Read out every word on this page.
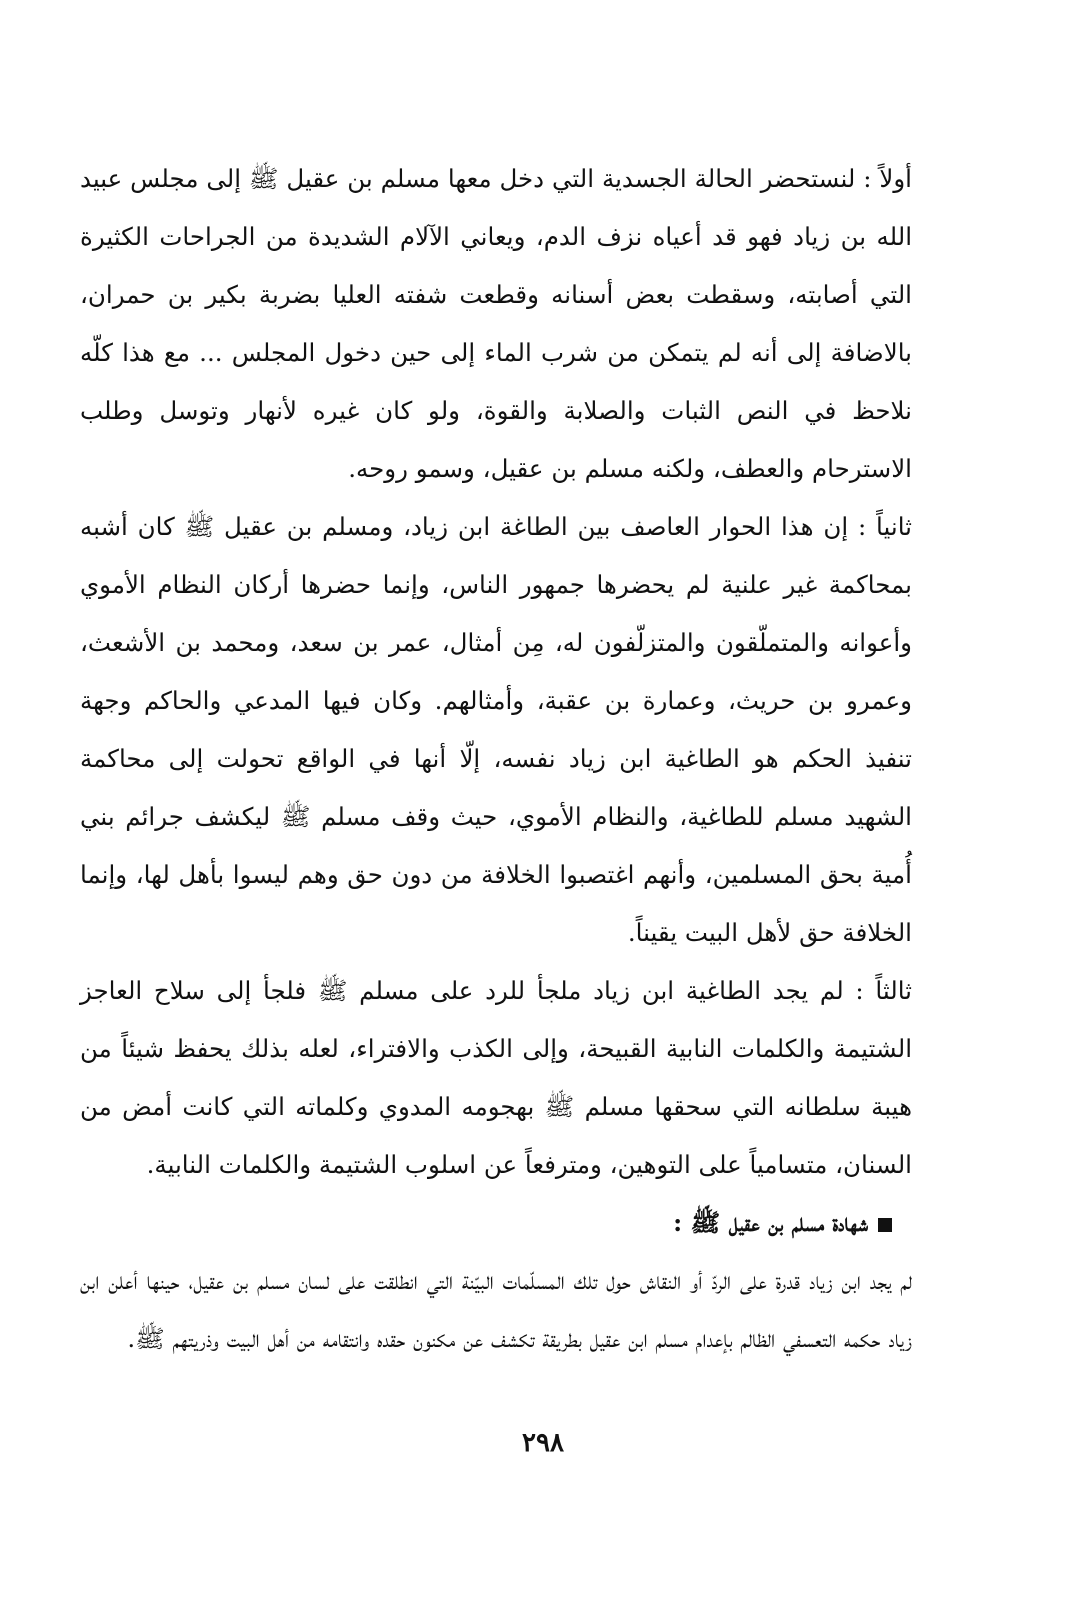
أولاً : لنستحضر الحالة الجسدية التي دخل معها مسلم بن عقيل ﷺ إلى مجلس عبيد الله بن زياد فهو قد أعياه نزف الدم، ويعاني الآلام الشديدة من الجراحات الكثيرة التي أصابته، وسقطت بعض أسنانه وقطعت شفته العليا بضربة بكير بن حمران، بالاضافة إلى أنه لم يتمكن من شرب الماء إلى حين دخول المجلس ... مع هذا كلّه نلاحظ في النص الثبات والصلابة والقوة، ولو كان غيره لأنهار وتوسل وطلب الاسترحام والعطف، ولكنه مسلم بن عقيل، وسمو روحه.

ثانياً : إن هذا الحوار العاصف بين الطاغة ابن زياد، ومسلم بن عقيل ﷺ كان أشبه بمحاكمة غير علنية لم يحضرها جمهور الناس، وإنما حضرها أركان النظام الأموي وأعوانه والمتملّقون والمتزلّفون له، مِن أمثال، عمر بن سعد، ومحمد بن الأشعث، وعمرو بن حريث، وعمارة بن عقبة، وأمثالهم. وكان فيها المدعي والحاكم وجهة تنفيذ الحكم هو الطاغية ابن زياد نفسه، إلّا أنها في الواقع تحولت إلى محاكمة الشهيد مسلم للطاغية، والنظام الأموي، حيث وقف مسلم ﷺ ليكشف جرائم بني أُمية بحق المسلمين، وأنهم اغتصبوا الخلافة من دون حق وهم ليسوا بأهل لها، وإنما الخلافة حق لأهل البيت يقيناً.

ثالثاً : لم يجد الطاغية ابن زياد ملجأ للرد على مسلم ﷺ فلجأ إلى سلاح العاجز الشتيمة والكلمات النابية القبيحة، وإلى الكذب والافتراء، لعله بذلك يحفظ شيئاً من هيبة سلطانه التي سحقها مسلم ﷺ بهجومه المدوي وكلماته التي كانت أمض من السنان، متسامياً على التوهين، ومترفعاً عن اسلوب الشتيمة والكلمات النابية.

شهادة مسلم بن عقيل ﷺ :

لم يجد ابن زياد قدرة على الردّ أو النقاش حول تلك المسلّمات البيّنة التي انطلقت على لسان مسلم بن عقيل، حينها أعلن ابن زياد حكمه التعسفي الظالم بإعدام مسلم ابن عقيل بطريقة تكشف عن مكنون حقده وانتقامه من أهل البيت وذريتهم ﷺ.

٢٩٨
